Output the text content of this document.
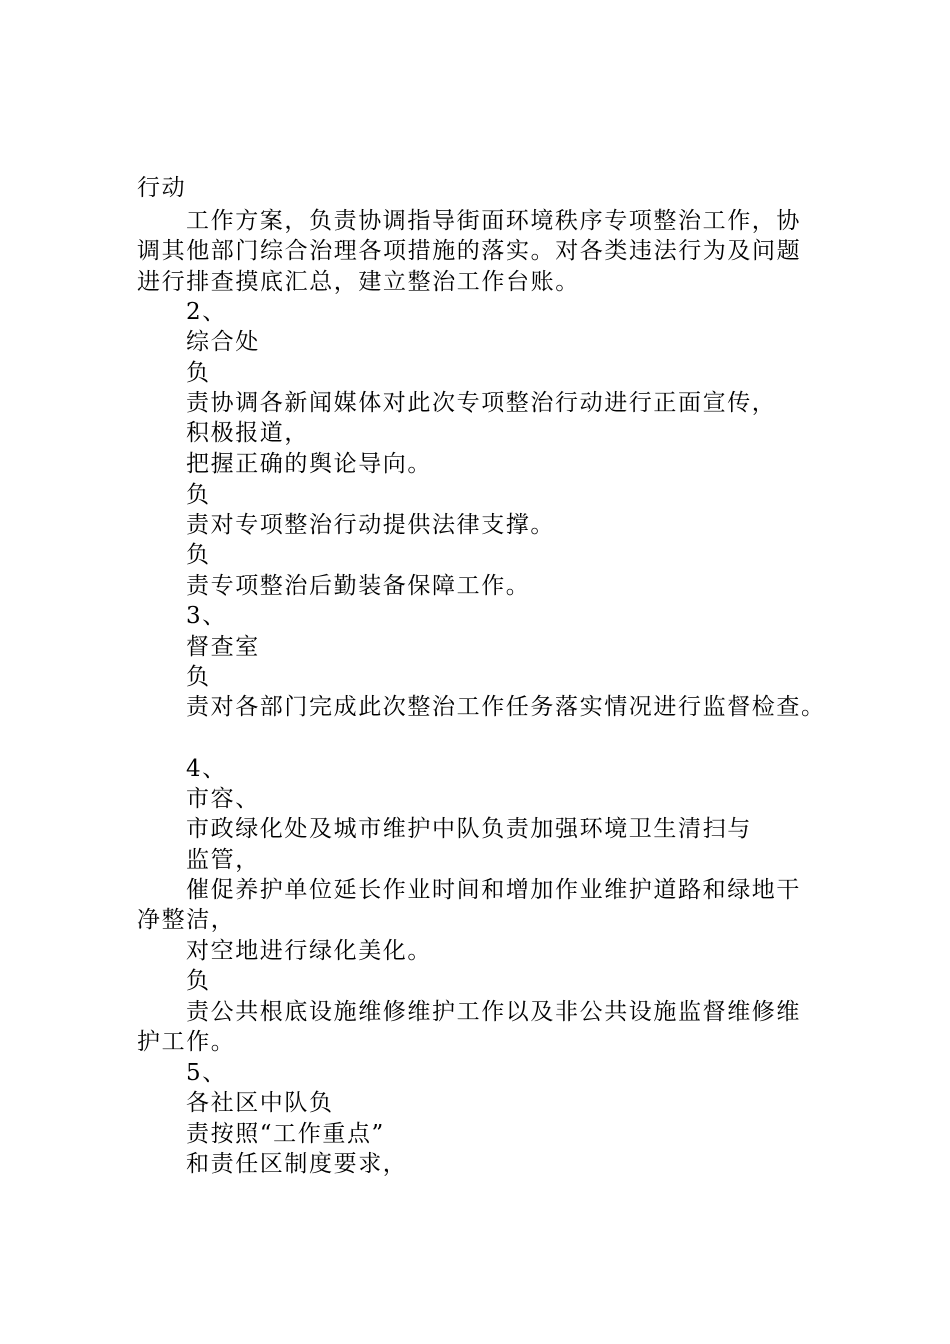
行动
工作方案，负责协调指导街面环境秩序专项整治工作，协
调其他部门综合治理各项措施的落实。对各类违法行为及问题
进行排查摸底汇总，建立整治工作台账。
2、
综合处
负
责协调各新闻媒体对此次专项整治行动进行正面宣传，
积极报道，
把握正确的舆论导向。
负
责对专项整治行动提供法律支撑。
负
责专项整治后勤装备保障工作。
3、
督查室
负
责对各部门完成此次整治工作任务落实情况进行监督检查。
4、
市容、
市政绿化处及城市维护中队负责加强环境卫生清扫与
监管，
催促养护单位延长作业时间和增加作业维护道路和绿地干
净整洁，
对空地进行绿化美化。
负
责公共根底设施维修维护工作以及非公共设施监督维修维
护工作。
5、
各社区中队负
责按照“工作重点”
和责任区制度要求，
